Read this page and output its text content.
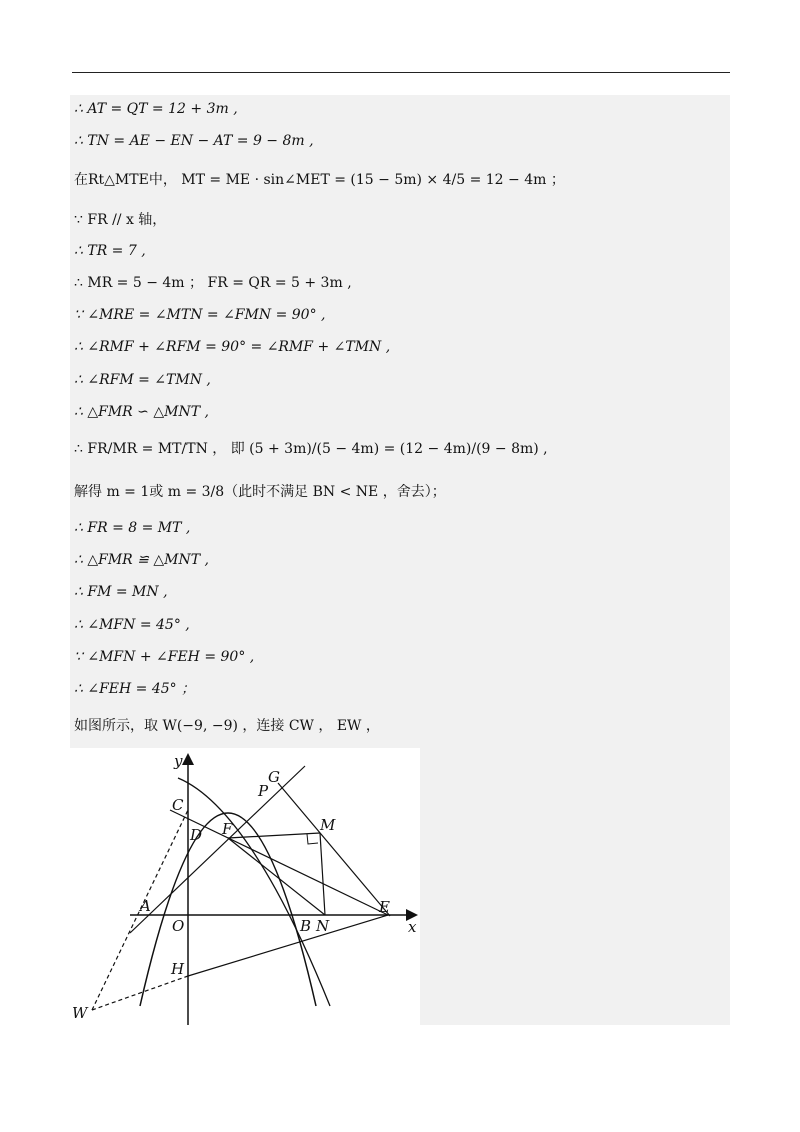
∴ AT = QT = 12 + 3m ,
∴ TN = AE − EN − AT = 9 − 8m ,
在Rt△MTE中， MT = ME · sin∠MET = (15 − 5m) × 4/5 = 12 − 4m ；
∵ FR // x 轴，
∴ TR = 7 ,
∴ MR = 5 − 4m ； FR = QR = 5 + 3m ,
∵ ∠MRE = ∠MTN = ∠FMN = 90° ,
∴ ∠RMF + ∠RFM = 90° = ∠RMF + ∠TMN ,
∴ ∠RFM = ∠TMN ,
∴ △FMR ∽ △MNT ,
∴ FR/MR = MT/TN ， 即 (5 + 3m)/(5 − 4m) = (12 − 4m)/(9 − 8m) ,
解得 m = 1或 m = 3/8（此时不满足 BN < NE ，舍去）；
∴ FR = 8 = MT ,
∴ △FMR ≌ △MNT ,
∴ FM = MN ,
∴ ∠MFN = 45° ,
∵ ∠MFN + ∠FEH = 90° ,
∴ ∠FEH = 45° ；
如图所示，取 W(−9, −9) ，连接 CW ， EW ，
y
x
G
P
C
D F	M
A
O	B N
E
H
W
